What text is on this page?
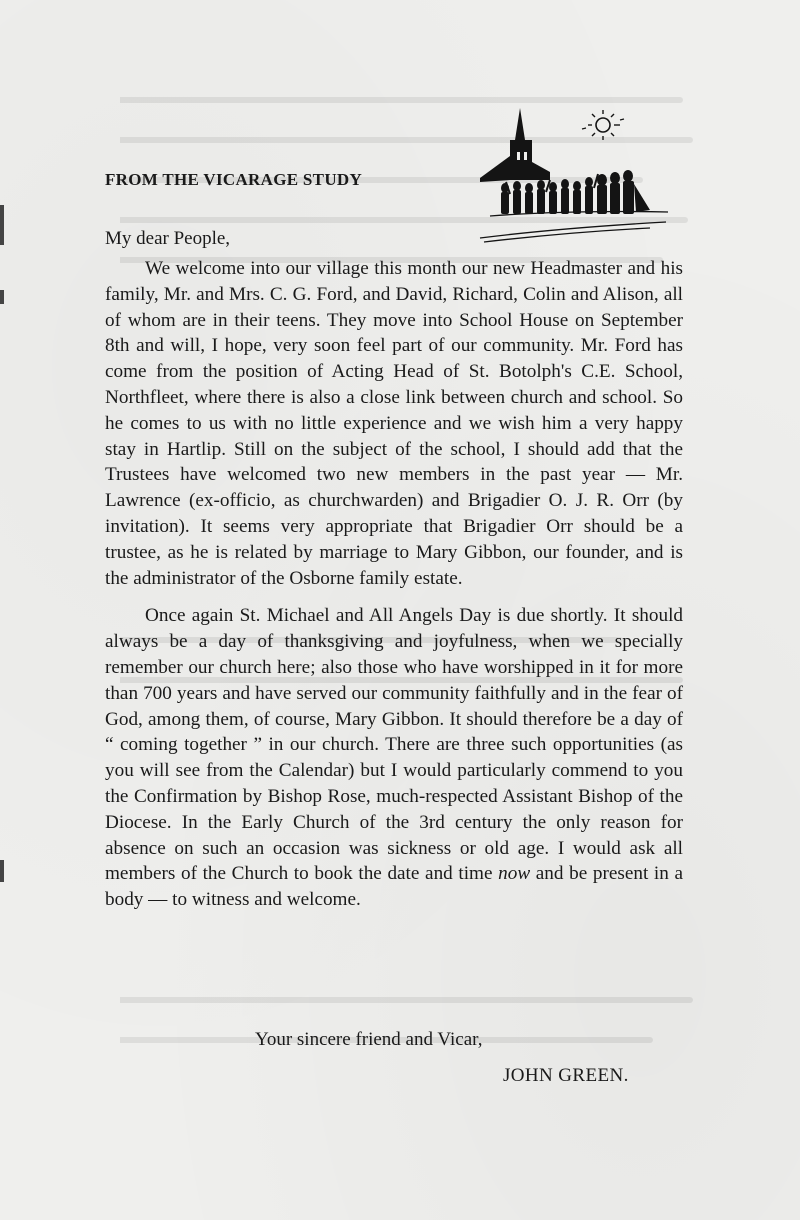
FROM THE VICARAGE STUDY

My dear People,

We welcome into our village this month our new Headmaster and his family, Mr. and Mrs. C. G. Ford, and David, Richard, Colin and Alison, all of whom are in their teens. They move into School House on September 8th and will, I hope, very soon feel part of our community. Mr. Ford has come from the position of Acting Head of St. Botolph's C.E. School, Northfleet, where there is also a close link between church and school. So he comes to us with no little experience and we wish him a very happy stay in Hartlip. Still on the subject of the school, I should add that the Trustees have welcomed two new members in the past year — Mr. Lawrence (ex-officio, as churchwarden) and Brigadier O. J. R. Orr (by invitation). It seems very appropriate that Brigadier Orr should be a trustee, as he is related by marriage to Mary Gibbon, our founder, and is the administrator of the Osborne family estate.

Once again St. Michael and All Angels Day is due shortly. It should always be a day of thanksgiving and joyfulness, when we specially remember our church here; also those who have worshipped in it for more than 700 years and have served our community faithfully and in the fear of God, among them, of course, Mary Gibbon. It should therefore be a day of “ coming together ” in our church. There are three such opportunities (as you will see from the Calendar) but I would particularly commend to you the Confirmation by Bishop Rose, much-respected Assistant Bishop of the Diocese. In the Early Church of the 3rd century the only reason for absence on such an occasion was sickness or old age. I would ask all members of the Church to book the date and time now and be present in a body — to witness and welcome.

Your sincere friend and Vicar,

JOHN GREEN.
